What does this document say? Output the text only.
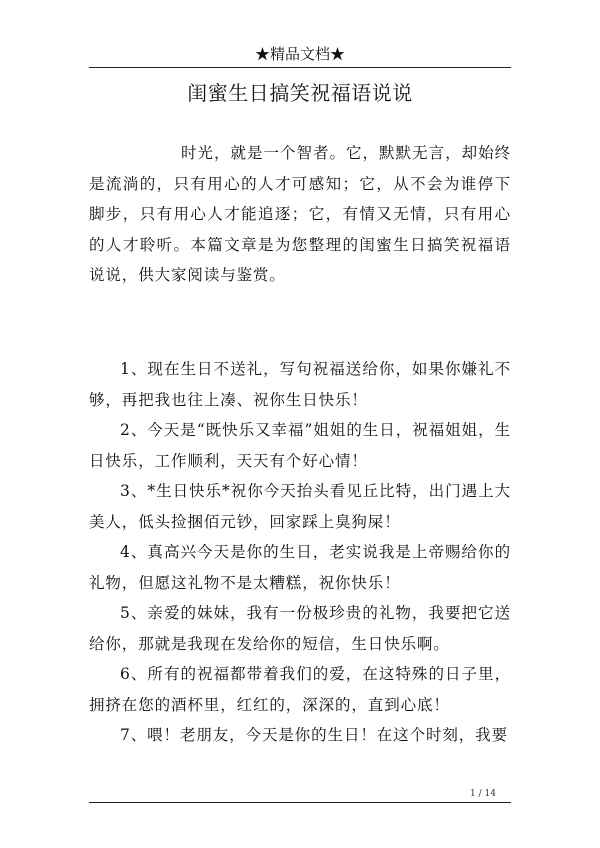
★精品文档★
闺蜜生日搞笑祝福语说说
时光，就是一个智者。它，默默无言，却始终是流淌的，只有用心的人才可感知；它，从不会为谁停下脚步，只有用心人才能追逐；它，有情又无情，只有用心的人才聆听。本篇文章是为您整理的闺蜜生日搞笑祝福语说说，供大家阅读与鉴赏。

1、现在生日不送礼，写句祝福送给你，如果你嫌礼不够，再把我也往上凑、祝你生日快乐！

2、今天是“既快乐又幸福”姐姐的生日，祝福姐姐，生日快乐，工作顺利，天天有个好心情！

3、*生日快乐*祝你今天抬头看见丘比特，出门遇上大美人，低头捡捆佰元钞，回家踩上臭狗屎！

4、真高兴今天是你的生日，老实说我是上帝赐给你的礼物，但愿这礼物不是太糟糕，祝你快乐！

5、亲爱的妹妹，我有一份极珍贵的礼物，我要把它送给你，那就是我现在发给你的短信，生日快乐啊。

6、所有的祝福都带着我们的爱，在这特殊的日子里，拥挤在您的酒杯里，红红的，深深的，直到心底！

7、喂！老朋友，今天是你的生日！在这个时刻，我要

1 / 14
